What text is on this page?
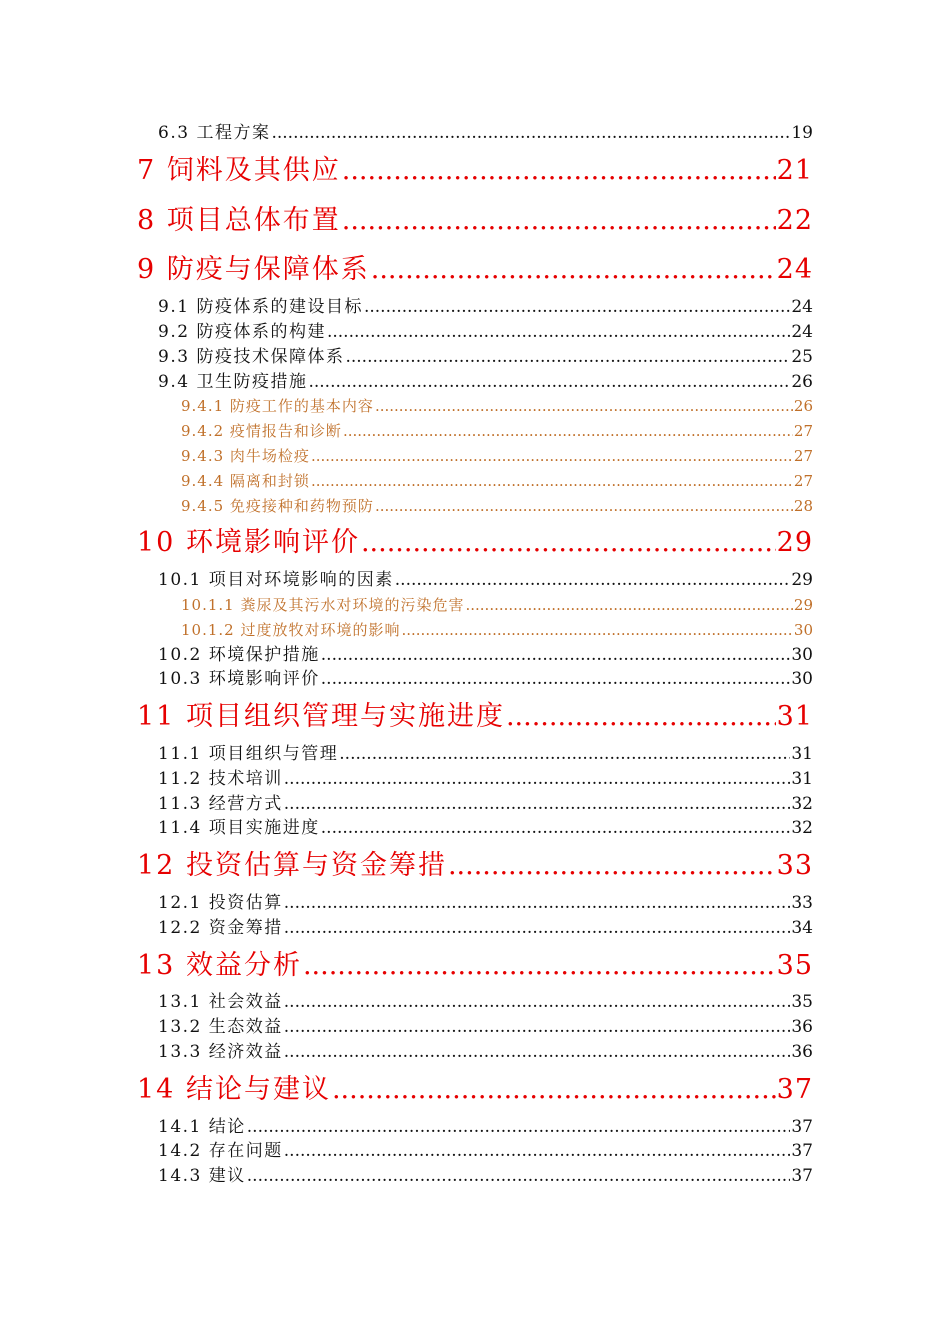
6.3 工程方案 .....	19
7 饲料及其供应 .....	21
8 项目总体布置 .....	22
9 防疫与保障体系 .....	24
9.1 防疫体系的建设目标 .....	24
9.2 防疫体系的构建 .....	24
9.3 防疫技术保障体系 .....	25
9.4 卫生防疫措施 .....	26
9.4.1 防疫工作的基本内容 .....	26
9.4.2 疫情报告和诊断 .....	27
9.4.3 肉牛场检疫 .....	27
9.4.4 隔离和封锁 .....	27
9.4.5 免疫接种和药物预防 .....	28
10 环境影响评价 .....	29
10.1 项目对环境影响的因素 .....	29
10.1.1 粪尿及其污水对环境的污染危害 .....	29
10.1.2 过度放牧对环境的影响 .....	30
10.2 环境保护措施 .....	30
10.3 环境影响评价 .....	30
11 项目组织管理与实施进度 .....	31
11.1 项目组织与管理 .....	31
11.2 技术培训 .....	31
11.3 经营方式 .....	32
11.4 项目实施进度 .....	32
12 投资估算与资金筹措 .....	33
12.1 投资估算 .....	33
12.2 资金筹措 .....	34
13 效益分析 .....	35
13.1 社会效益 .....	35
13.2 生态效益 .....	36
13.3 经济效益 .....	36
14 结论与建议 .....	37
14.1 结论 .....	37
14.2 存在问题 .....	37
14.3 建议 .....	37
